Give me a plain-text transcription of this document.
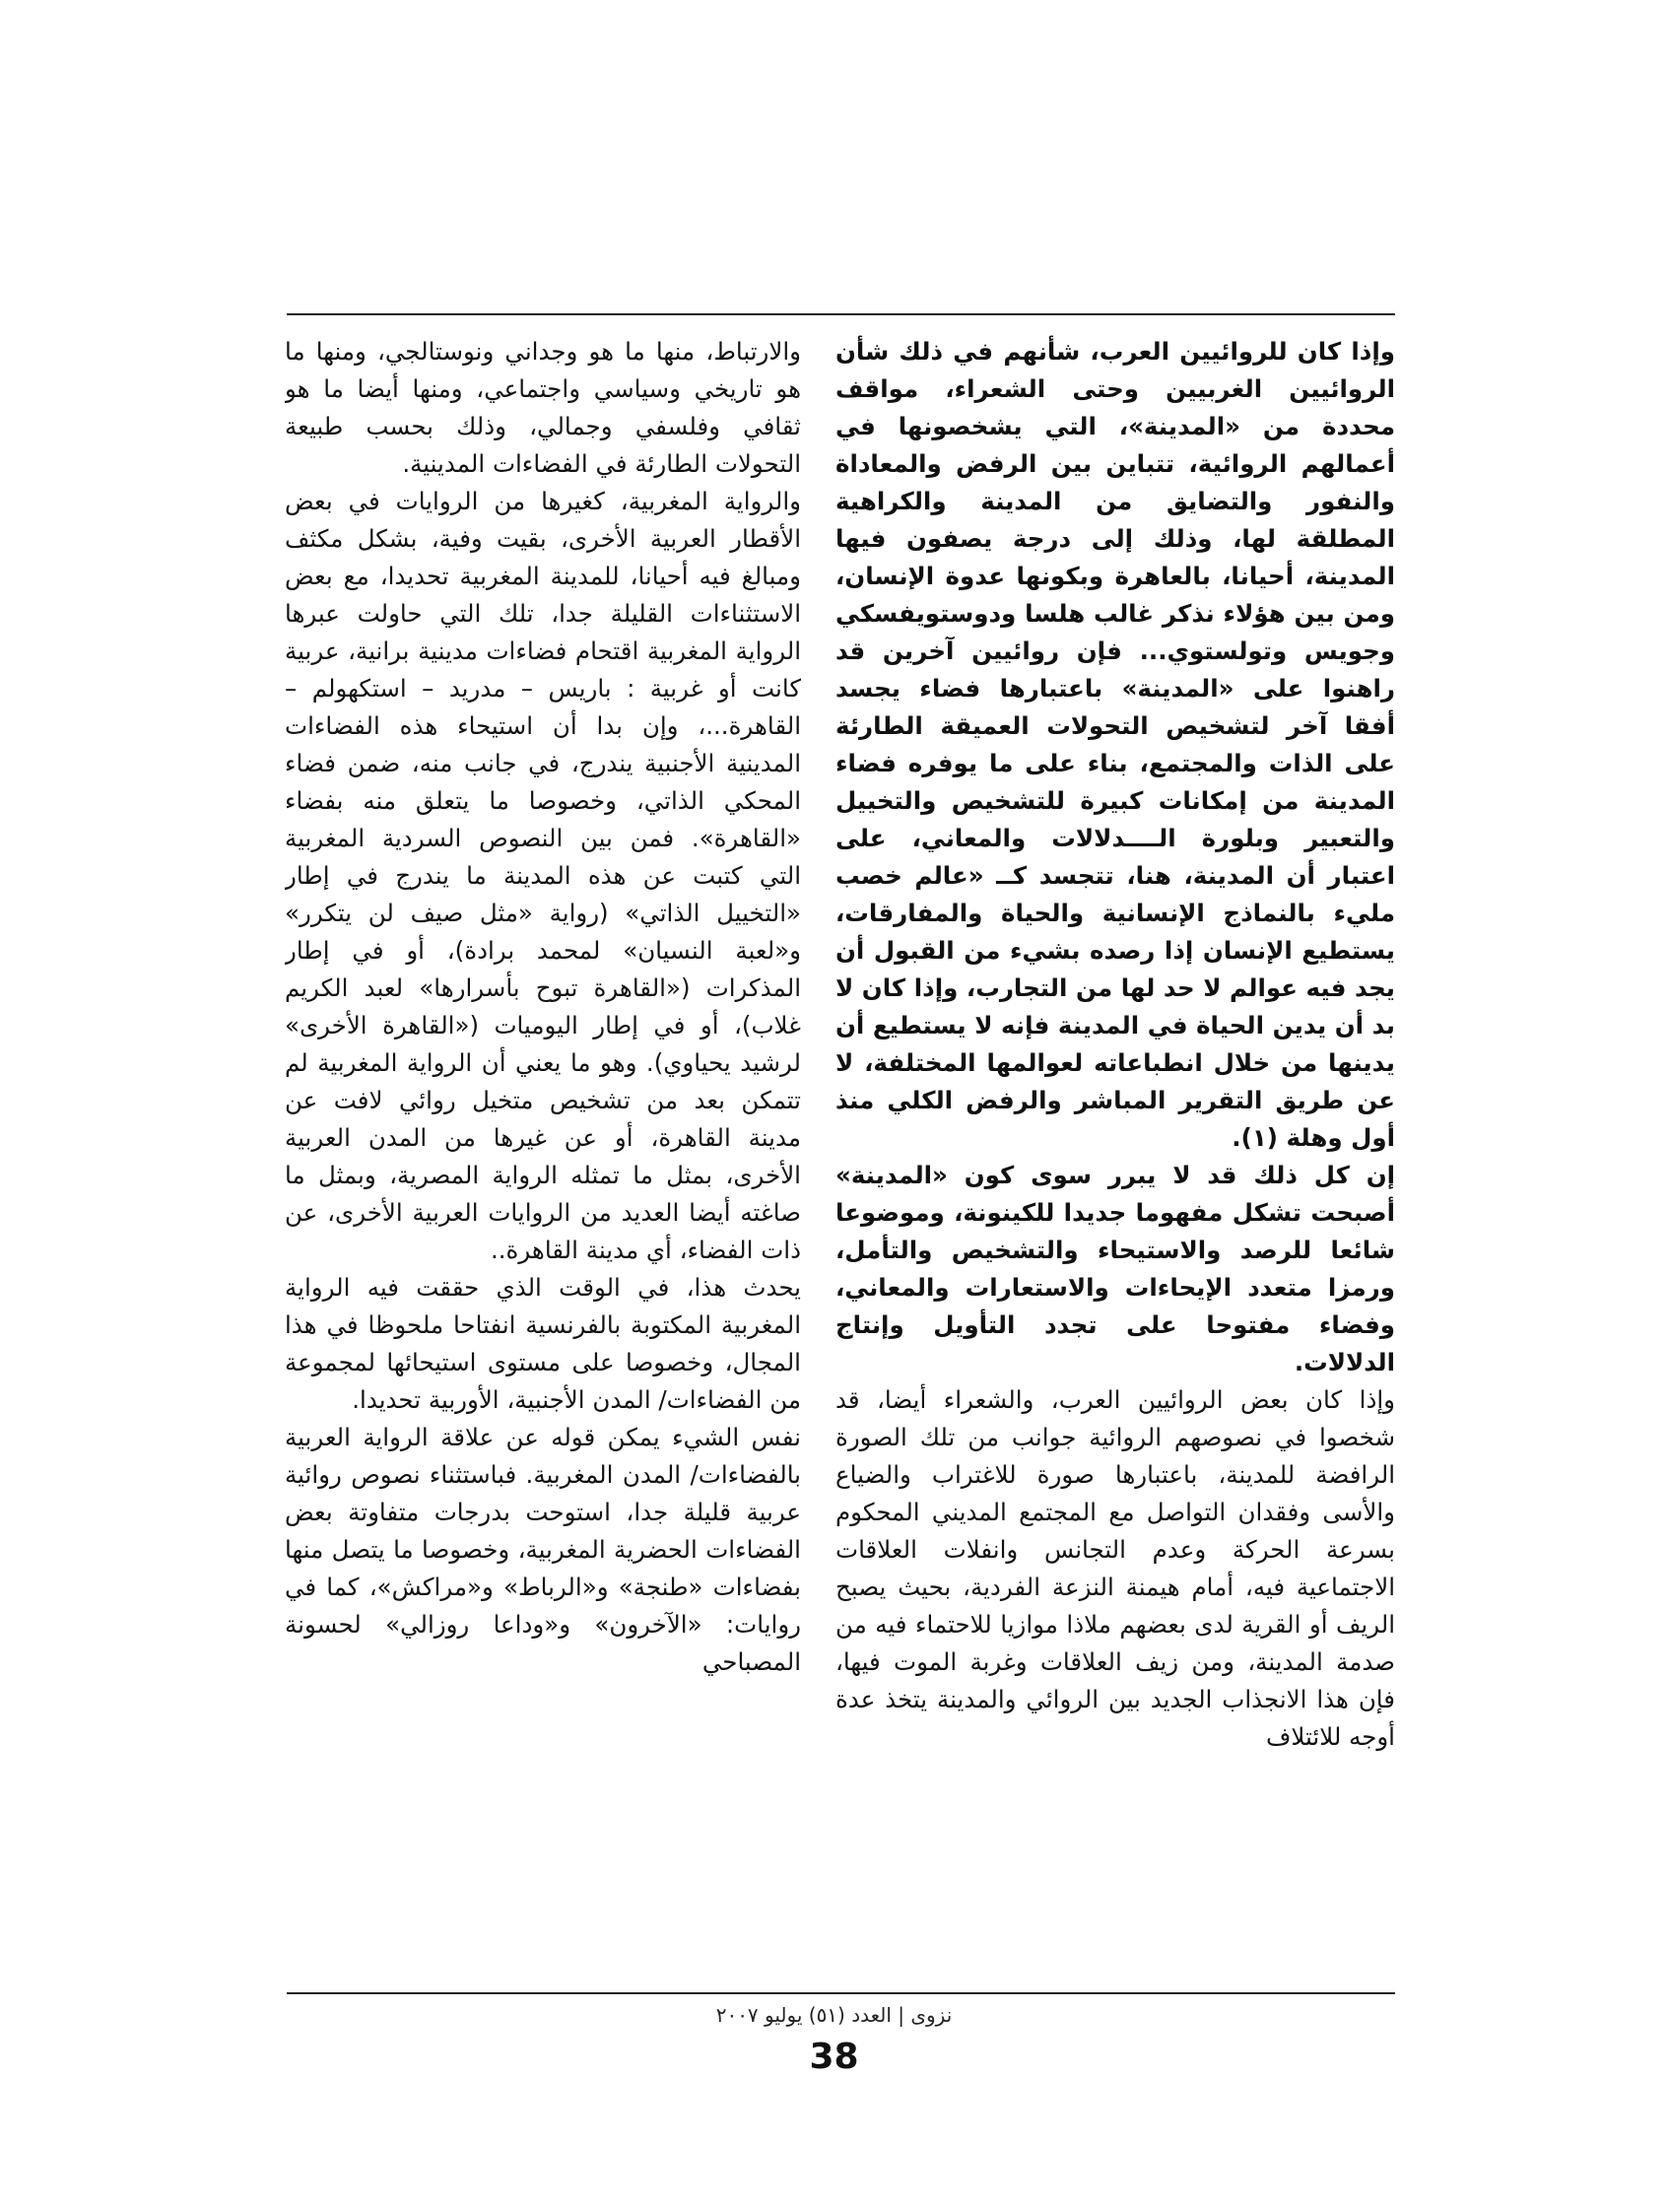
وإذا كان للروائيين العرب، شأنهم في ذلك شأن الروائيين الغربيين وحتى الشعراء، مواقف محددة من «المدينة»، التي يشخصونها في أعمالهم الروائية، تتباين بين الرفض والمعاداة والنفور والتضايق من المدينة والكراهية المطلقة لها، وذلك إلى درجة يصفون فيها المدينة، أحيانا، بالعاهرة وبكونها عدوة الإنسان، ومن بين هؤلاء نذكر غالب هلسا ودوستويفسكي وجويس وتولستوي... فإن روائيين آخرين قد راهنوا على «المدينة» باعتبارها فضاء يجسد أفقا آخر لتشخيص التحولات العميقة الطارئة على الذات والمجتمع، بناء على ما يوفره فضاء المدينة من إمكانات كبيرة للتشخيص والتخييل والتعبير وبلورة الــــدلالات والمعاني، على اعتبار أن المدينة، هنا، تتجسد كــ «عالم خصب مليء بالنماذج الإنسانية والحياة والمفارقات، يستطيع الإنسان إذا رصده بشيء من القبول أن يجد فيه عوالم لا حد لها من التجارب، وإذا كان لا بد أن يدين الحياة في المدينة فإنه لا يستطيع أن يدينها من خلال انطباعاته لعوالمها المختلفة، لا عن طريق التقرير المباشر والرفض الكلي منذ أول وهلة (١).

إن كل ذلك قد لا يبرر سوى كون «المدينة» أصبحت تشكل مفهوما جديدا للكينونة، وموضوعا شائعا للرصد والاستيحاء والتشخيص والتأمل، ورمزا متعدد الإيحاءات والاستعارات والمعاني، وفضاء مفتوحا على تجدد التأويل وإنتاج الدلالات.

وإذا كان بعض الروائيين العرب، والشعراء أيضا، قد شخصوا في نصوصهم الروائية جوانب من تلك الصورة الرافضة للمدينة، باعتبارها صورة للاغتراب والضياع والأسى وفقدان التواصل مع المجتمع المديني المحكوم بسرعة الحركة وعدم التجانس وانفلات العلاقات الاجتماعية فيه، أمام هيمنة النزعة الفردية، بحيث يصبح الريف أو القرية لدى بعضهم ملاذا موازيا للاحتماء فيه من صدمة المدينة، ومن زيف العلاقات وغربة الموت فيها، فإن هذا الانجذاب الجديد بين الروائي والمدينة يتخذ عدة أوجه للائتلاف

والارتباط، منها ما هو وجداني ونوستالجي، ومنها ما هو تاريخي وسياسي واجتماعي، ومنها أيضا ما هو ثقافي وفلسفي وجمالي، وذلك بحسب طبيعة التحولات الطارئة في الفضاءات المدينية.

والرواية المغربية، كغيرها من الروايات في بعض الأقطار العربية الأخرى، بقيت وفية، بشكل مكثف ومبالغ فيه أحيانا، للمدينة المغربية تحديدا، مع بعض الاستثناءات القليلة جدا، تلك التي حاولت عبرها الرواية المغربية اقتحام فضاءات مدينية برانية، عربية كانت أو غربية : باريس – مدريد – استكهولم – القاهرة...، وإن بدا أن استيحاء هذه الفضاءات المدينية الأجنبية يندرج، في جانب منه، ضمن فضاء المحكي الذاتي، وخصوصا ما يتعلق منه بفضاء «القاهرة». فمن بين النصوص السردية المغربية التي كتبت عن هذه المدينة ما يندرج في إطار «التخييل الذاتي» (رواية «مثل صيف لن يتكرر» و«لعبة النسيان» لمحمد برادة)، أو في إطار المذكرات («القاهرة تبوح بأسرارها» لعبد الكريم غلاب)، أو في إطار اليوميات («القاهرة الأخرى» لرشيد يحياوي). وهو ما يعني أن الرواية المغربية لم تتمكن بعد من تشخيص متخيل روائي لافت عن مدينة القاهرة، أو عن غيرها من المدن العربية الأخرى، بمثل ما تمثله الرواية المصرية، وبمثل ما صاغته أيضا العديد من الروايات العربية الأخرى، عن ذات الفضاء، أي مدينة القاهرة..

يحدث هذا، في الوقت الذي حققت فيه الرواية المغربية المكتوبة بالفرنسية انفتاحا ملحوظا في هذا المجال، وخصوصا على مستوى استيحائها لمجموعة من الفضاءات/ المدن الأجنبية، الأوربية تحديدا.

نفس الشيء يمكن قوله عن علاقة الرواية العربية بالفضاءات/ المدن المغربية. فباستثناء نصوص روائية عربية قليلة جدا، استوحت بدرجات متفاوتة بعض الفضاءات الحضرية المغربية، وخصوصا ما يتصل منها بفضاءات «طنجة» و«الرباط» و«مراكش»، كما في روايات: «الآخرون» و«وداعا روزالي» لحسونة المصباحي

نزوى | العدد (٥١) يوليو ٢٠٠٧
38
